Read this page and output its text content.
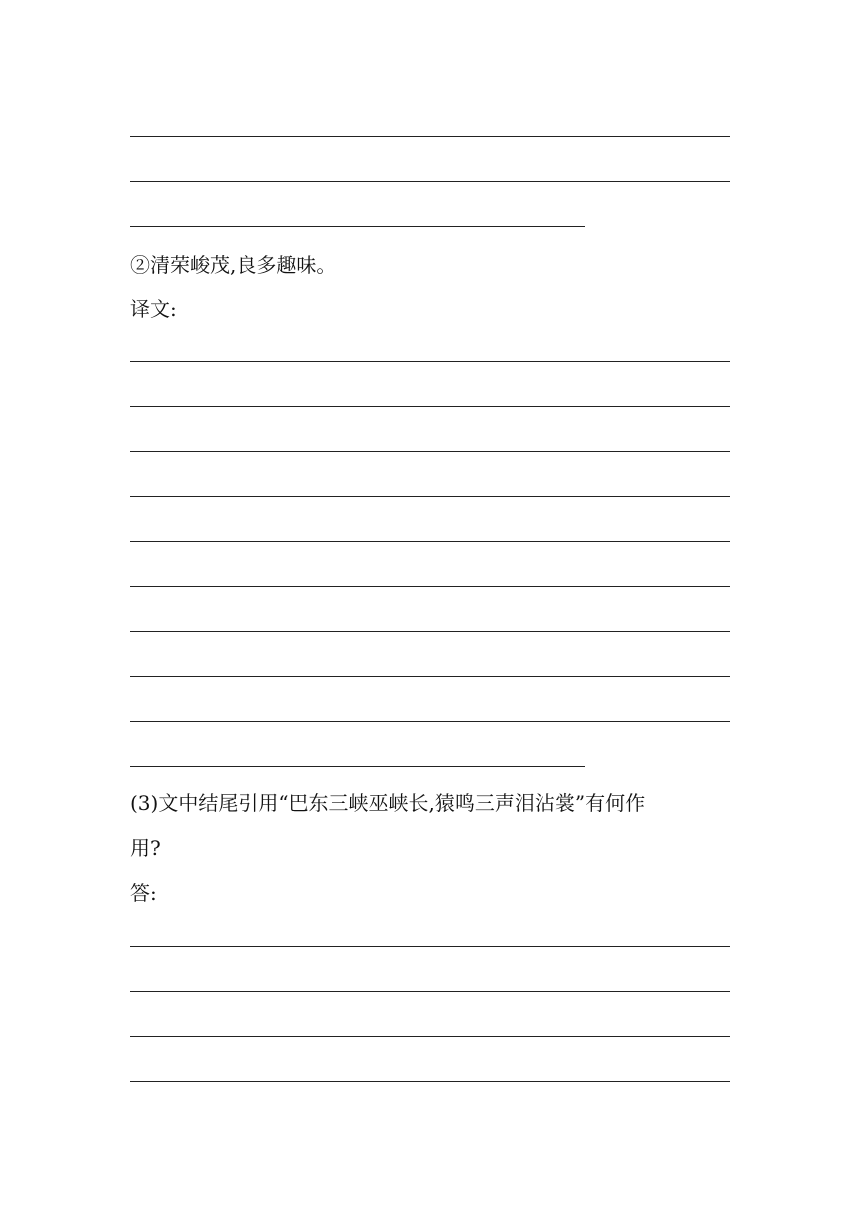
②清荣峻茂,良多趣味。
译文:
(3)文中结尾引用“巴东三峡巫峡长,猿鸣三声泪沾裳”有何作
用?
答:
